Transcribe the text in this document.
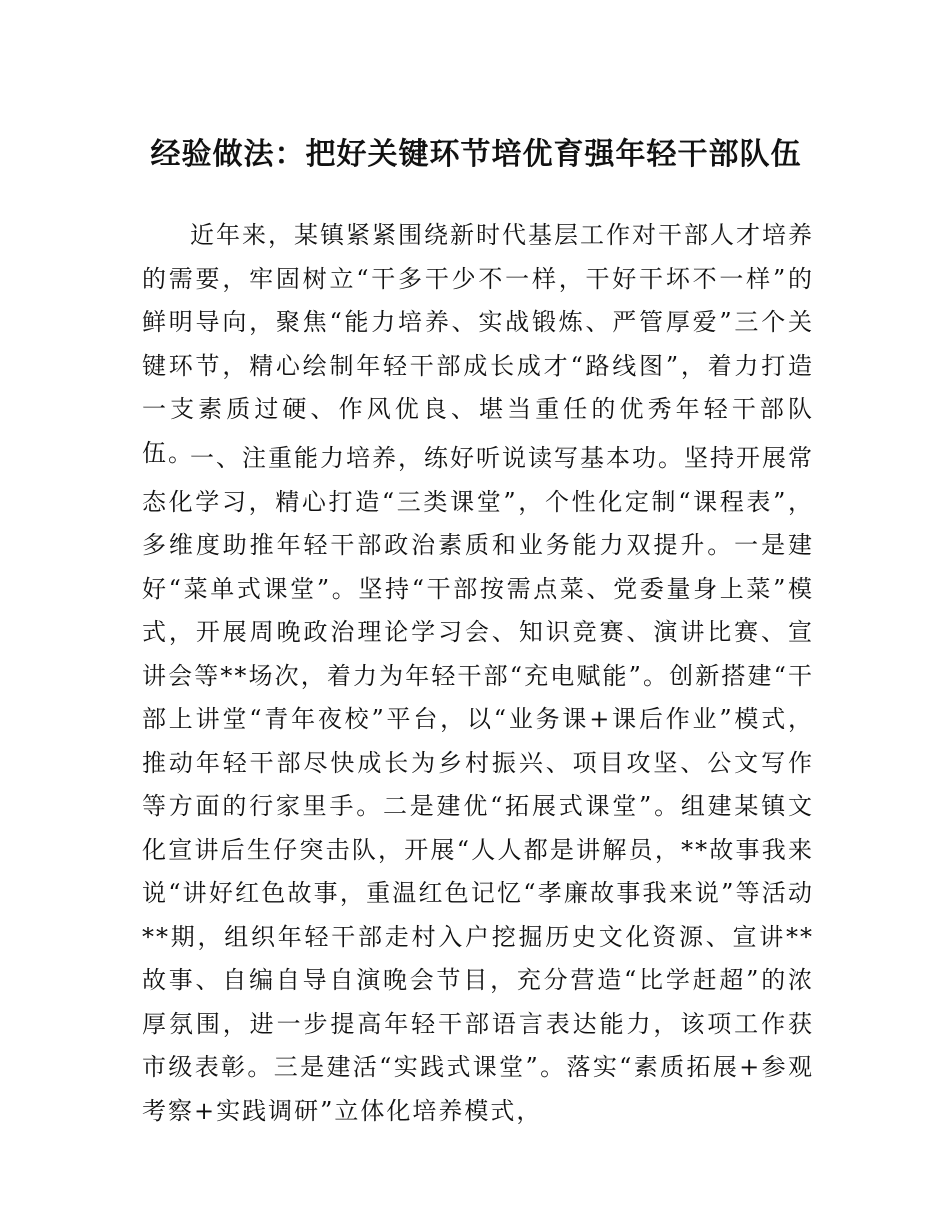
经验做法：把好关键环节培优育强年轻干部队伍

近年来，某镇紧紧围绕新时代基层工作对干部人才培养的需要，牢固树立“干多干少不一样，干好干坏不一样”的鲜明导向，聚焦“能力培养、实战锻炼、严管厚爱”三个关键环节，精心绘制年轻干部成长成才“路线图”，着力打造一支素质过硬、作风优良、堪当重任的优秀年轻干部队伍。

一、注重能力培养，练好听说读写基本功。坚持开展常态化学习，精心打造“三类课堂”，个性化定制“课程表”，多维度助推年轻干部政治素质和业务能力双提升。一是建好“菜单式课堂”。坚持“干部按需点菜、党委量身上菜”模式，开展周晚政治理论学习会、知识竞赛、演讲比赛、宣讲会等**场次，着力为年轻干部“充电赋能”。创新搭建“干部上讲堂“青年夜校”平台，以“业务课+课后作业”模式，推动年轻干部尽快成长为乡村振兴、项目攻坚、公文写作等方面的行家里手。二是建优“拓展式课堂”。组建某镇文化宣讲后生仔突击队，开展“人人都是讲解员，**故事我来说“讲好红色故事，重温红色记忆“孝廉故事我来说”等活动**期，组织年轻干部走村入户挖掘历史文化资源、宣讲**故事、自编自导自演晚会节目，充分营造“比学赶超”的浓厚氛围，进一步提高年轻干部语言表达能力，该项工作获市级表彰。三是建活“实践式课堂”。落实“素质拓展+参观考察+实践调研”立体化培养模式，
